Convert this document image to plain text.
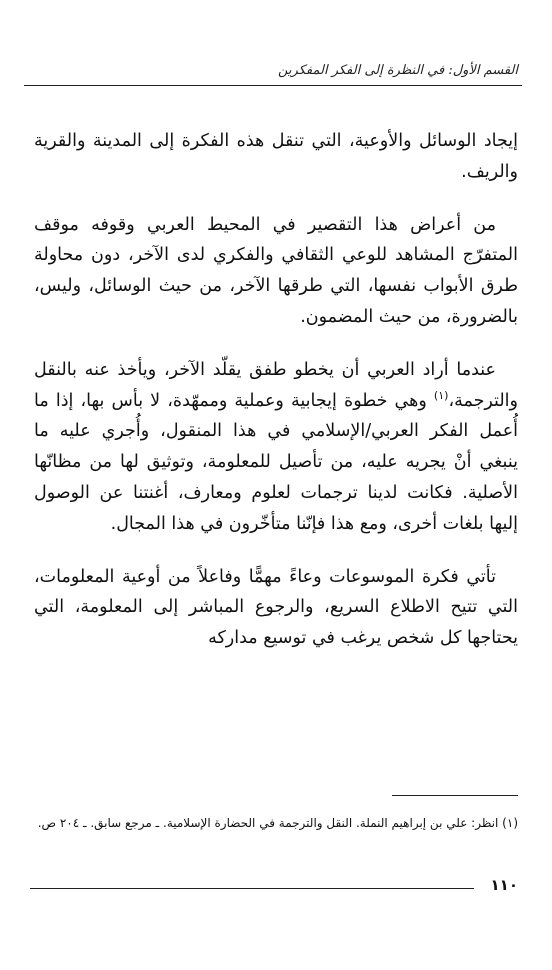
القسم الأول: في النظرة إلى الفكر المفكرين

إيجاد الوسائل والأوعية، التي تنقل هذه الفكرة إلى المدينة والقرية والريف.

من أعراض هذا التقصير في المحيط العربي وقوفه موقف المتفرّج المشاهد للوعي الثقافي والفكري لدى الآخر، دون محاولة طرق الأبواب نفسها، التي طرقها الآخر، من حيث الوسائل، وليس، بالضرورة، من حيث المضمون.

عندما أراد العربي أن يخطو طفق يقلّد الآخر، ويأخذ عنه بالنقل والترجمة،$^{(١)}$ وهي خطوة إيجابية وعملية وممهّدة، لا بأس بها، إذا ما أُعمل الفكر العربي/الإسلامي في هذا المنقول، وأُجري عليه ما ينبغي أنْ يجريه عليه، من تأصيل للمعلومة، وتوثيق لها من مظانّها الأصلية. فكانت لدينا ترجمات لعلوم ومعارف، أغنتنا عن الوصول إليها بلغات أخرى، ومع هذا فإنّنا متأخّرون في هذا المجال.

تأتي فكرة الموسوعات وعاءً مهمًّا وفاعلاً من أوعية المعلومات، التي تتيح الاطلاع السريع، والرجوع المباشر إلى المعلومة، التي يحتاجها كل شخص يرغب في توسيع مداركه

(١) انظر: علي بن إبراهيم النملة. النقل والترجمة في الحضارة الإسلامية. ـ مرجع سابق. ـ ٢٠٤ ص.
١١٠
